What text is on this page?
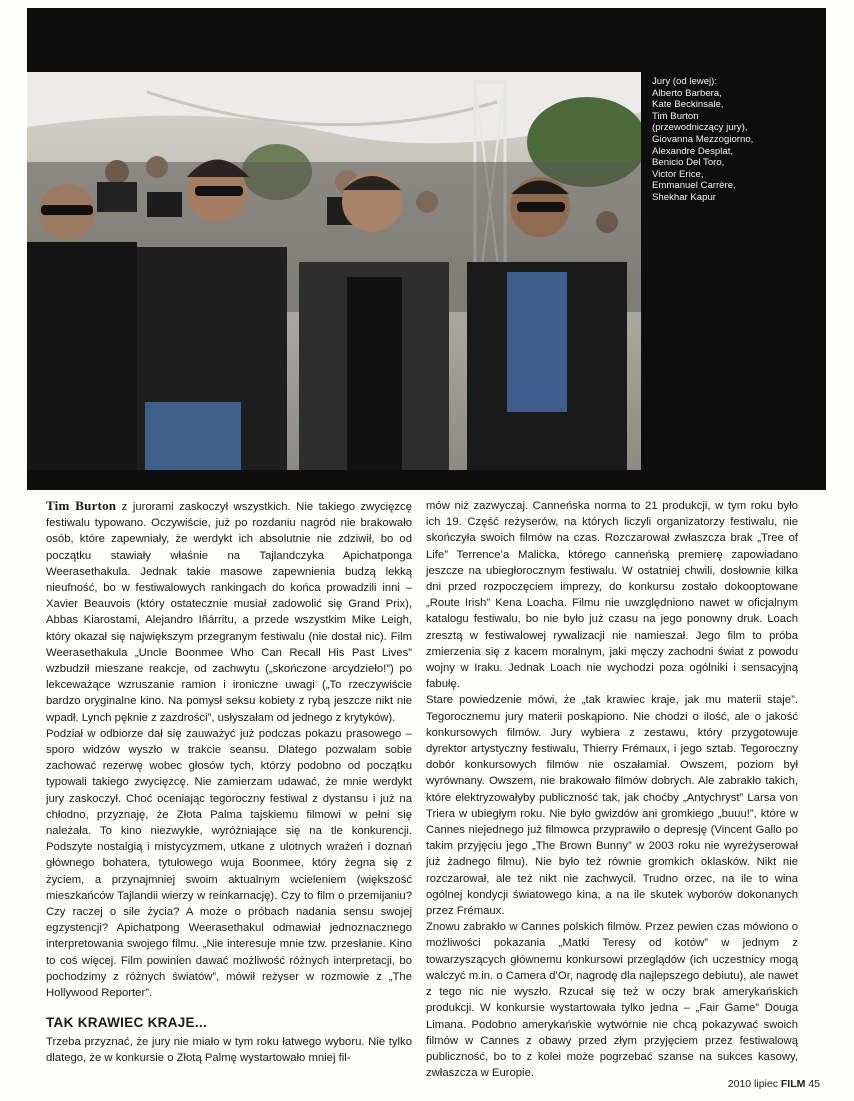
Jury (od lewej):
Alberto Barbera,
Kate Beckinsale,
Tim Burton
(przewodniczący jury),
Giovanna Mezzogiorno,
Alexandre Desplat,
Benicio Del Toro,
Victor Erice,
Emmanuel Carrère,
Shekhar Kapur

Tim Burton z jurorami zaskoczył wszystkich. Nie takiego zwycięzcę festiwalu typowano. Oczywiście, już po rozdaniu nagród nie brakowało osób, które zapewniały, że werdykt ich absolutnie nie zdziwił, bo od początku stawiały właśnie na Tajlandczyka Apichatponga Weerasethakula. Jednak takie masowe zapewnienia budzą lekką nieufność, bo w festiwalowych rankingach do końca prowadzili inni – Xavier Beauvois (który ostatecznie musiał zadowolić się Grand Prix), Abbas Kiarostami, Alejandro Iñárritu, a przede wszystkim Mike Leigh, który okazał się największym przegranym festiwalu (nie dostał nic). Film Weerasethakula „Uncle Boonmee Who Can Recall His Past Lives” wzbudził mieszane reakcje, od zachwytu („skończone arcydzieło!”) po lekceważące wzruszanie ramion i ironiczne uwagi („To rzeczywiście bardzo oryginalne kino. Na pomysł seksu kobiety z rybą jeszcze nikt nie wpadł. Lynch pęknie z zazdrości”, usłyszałam od jednego z krytyków).

Podział w odbiorze dał się zauważyć już podczas pokazu prasowego – sporo widzów wyszło w trakcie seansu. Dlatego pozwalam sobie zachować rezerwę wobec głosów tych, którzy podobno od początku typowali takiego zwycięzcę. Nie zamierzam udawać, że mnie werdykt jury zaskoczył. Choć oceniając tegoroczny festiwal z dystansu i już na chłodno, przyznaję, że Złota Palma tajskiemu filmowi w pełni się należała. To kino niezwykłe, wyróżniające się na tle konkurencji. Podszyte nostalgią i mistycyzmem, utkane z ulotnych wrażeń i doznań głównego bohatera, tytułowego wuja Boonmee, który żegna się z życiem, a przynajmniej swoim aktualnym wcieleniem (większość mieszkańców Tajlandii wierzy w reinkarnację). Czy to film o przemijaniu? Czy raczej o sile życia? A może o próbach nadania sensu swojej egzystencji? Apichatpong Weerasethakul odmawiał jednoznacznego interpretowania swojego filmu. „Nie interesuje mnie tzw. przesłanie. Kino to coś więcej. Film powinien dawać możliwość różnych interpretacji, bo pochodzimy z różnych światów”, mówił reżyser w rozmowie z „The Hollywood Reporter”.

TAK KRAWIEC KRAJE...

Trzeba przyznać, że jury nie miało w tym roku łatwego wyboru. Nie tylko dlatego, że w konkursie o Złotą Palmę wystartowało mniej fil-

mów niż zazwyczaj. Canneńska norma to 21 produkcji, w tym roku było ich 19. Część reżyserów, na których liczyli organizatorzy festiwalu, nie skończyła swoich filmów na czas. Rozczarował zwłaszcza brak „Tree of Life” Terrence’a Malicka, którego canneńską premierę zapowiadano jeszcze na ubiegłorocznym festiwalu. W ostatniej chwili, dosłownie kilka dni przed rozpoczęciem imprezy, do konkursu zostało dokooptowane „Route Irish” Kena Loacha. Filmu nie uwzględniono nawet w oficjalnym katalogu festiwalu, bo nie było już czasu na jego ponowny druk. Loach zresztą w festiwalowej rywalizacji nie namieszał. Jego film to próba zmierzenia się z kacem moralnym, jaki męczy zachodni świat z powodu wojny w Iraku. Jednak Loach nie wychodzi poza ogólniki i sensacyjną fabułę.

Stare powiedzenie mówi, że „tak krawiec kraje, jak mu materii staje”. Tegorocznemu jury materii poskąpiono. Nie chodzi o ilość, ale o jakość konkursowych filmów. Jury wybiera z zestawu, który przygotowuje dyrektor artystyczny festiwalu, Thierry Frémaux, i jego sztab. Tegoroczny dobór konkursowych filmów nie oszałamiał. Owszem, poziom był wyrównany. Owszem, nie brakowało filmów dobrych. Ale zabrakło takich, które elektryzowałyby publiczność tak, jak choćby „Antychryst” Larsa von Triera w ubiegłym roku. Nie było gwizdów ani gromkiego „buuu!”, które w Cannes niejednego już filmowca przyprawiło o depresję (Vincent Gallo po takim przyjęciu jego „The Brown Bunny” w 2003 roku nie wyreżyserował już żadnego filmu). Nie było też równie gromkich oklasków. Nikt nie rozczarował, ale też nikt nie zachwycił. Trudno orzec, na ile to wina ogólnej kondycji światowego kina, a na ile skutek wyborów dokonanych przez Frémaux.

Znowu zabrakło w Cannes polskich filmów. Przez pewien czas mówiono o możliwości pokazania „Matki Teresy od kotów” w jednym z towarzyszących głównemu konkursowi przeglądów (ich uczestnicy mogą walczyć m.in. o Camera d’Or, nagrodę dla najlepszego debiutu), ale nawet z tego nic nie wyszło. Rzucał się też w oczy brak amerykańskich produkcji. W konkursie wystartowała tylko jedna – „Fair Game” Douga Limana. Podobno amerykańskie wytwórnie nie chcą pokazywać swoich filmów w Cannes z obawy przed złym przyjęciem przez festiwalową publiczność, bo to z kolei może pogrzebać szanse na sukces kasowy, zwłaszcza w Europie.

2010 lipiec FILM 45
